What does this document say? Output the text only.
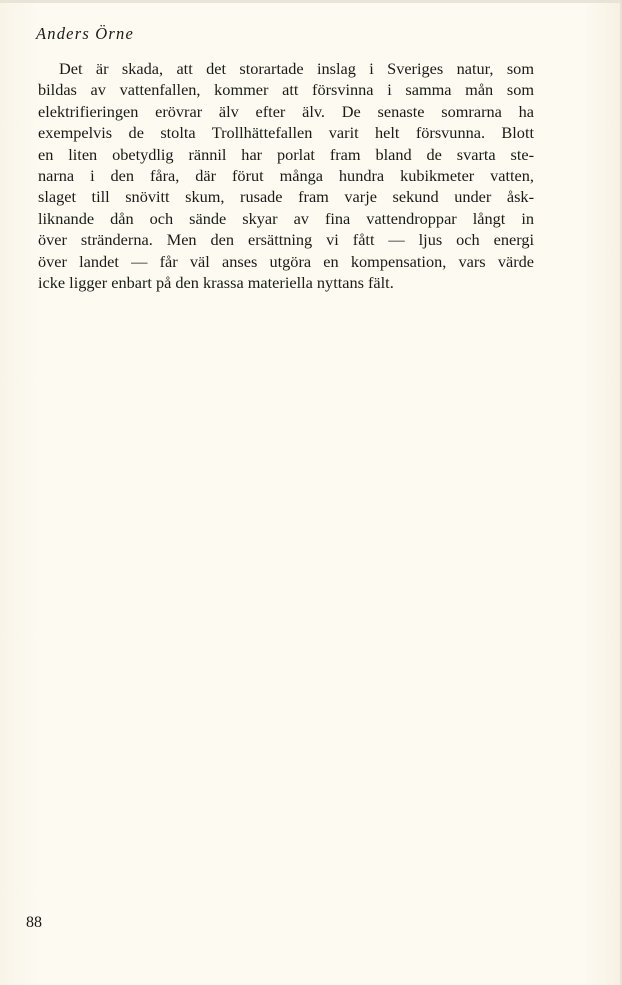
Anders Örne
Det är skada, att det storartade inslag i Sveriges natur, som
bildas av vattenfallen, kommer att försvinna i samma mån som
elektrifieringen erövrar älv efter älv. De senaste somrarna ha
exempelvis de stolta Trollhättefallen varit helt försvunna. Blott
en liten obetydlig rännil har porlat fram bland de svarta ste-
narna i den fåra, där förut många hundra kubikmeter vatten,
slaget till snövitt skum, rusade fram varje sekund under åsk-
liknande dån och sände skyar av fina vattendroppar långt in
över stränderna. Men den ersättning vi fått — ljus och energi
över landet — får väl anses utgöra en kompensation, vars värde
icke ligger enbart på den krassa materiella nyttans fält.

88
